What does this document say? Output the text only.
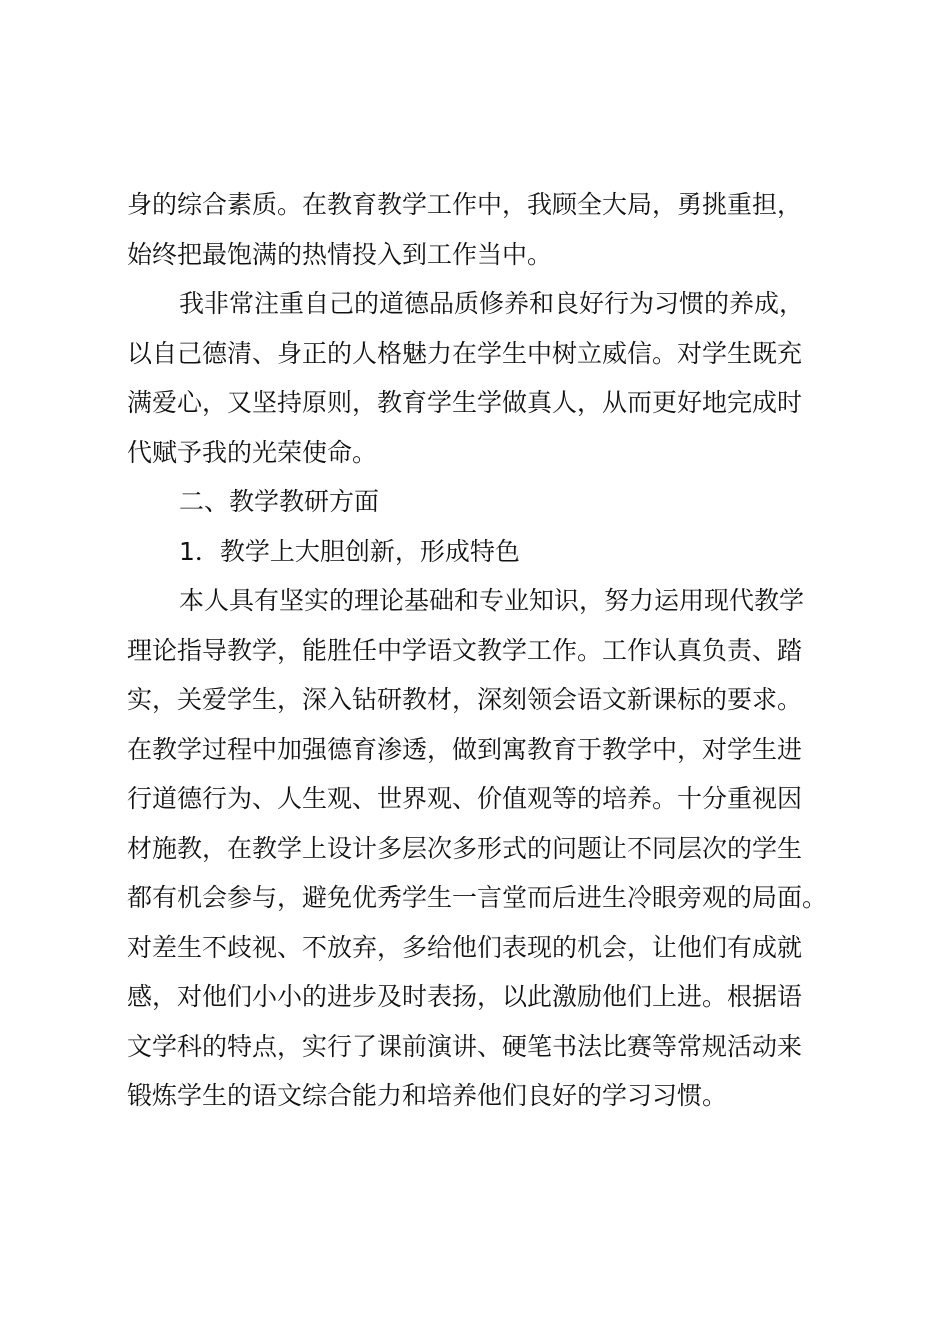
身的综合素质。在教育教学工作中，我顾全大局，勇挑重担，
始终把最饱满的热情投入到工作当中。
我非常注重自己的道德品质修养和良好行为习惯的养成，
以自己德清、身正的人格魅力在学生中树立威信。对学生既充
满爱心，又坚持原则，教育学生学做真人，从而更好地完成时
代赋予我的光荣使命。
二、教学教研方面
1．教学上大胆创新，形成特色
本人具有坚实的理论基础和专业知识，努力运用现代教学
理论指导教学，能胜任中学语文教学工作。工作认真负责、踏
实，关爱学生，深入钻研教材，深刻领会语文新课标的要求。
在教学过程中加强德育渗透，做到寓教育于教学中，对学生进
行道德行为、人生观、世界观、价值观等的培养。十分重视因
材施教，在教学上设计多层次多形式的问题让不同层次的学生
都有机会参与，避免优秀学生一言堂而后进生冷眼旁观的局面。
对差生不歧视、不放弃，多给他们表现的机会，让他们有成就
感，对他们小小的进步及时表扬，以此激励他们上进。根据语
文学科的特点，实行了课前演讲、硬笔书法比赛等常规活动来
锻炼学生的语文综合能力和培养他们良好的学习习惯。
